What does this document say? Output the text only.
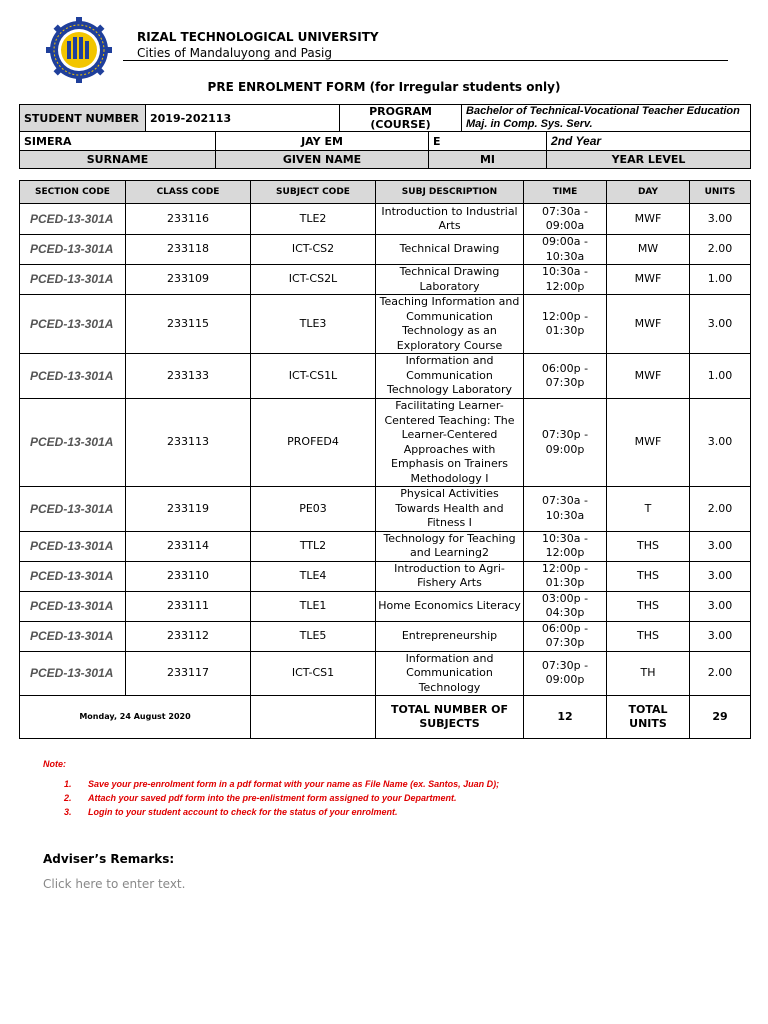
RIZAL TECHNOLOGICAL UNIVERSITY
Cities of Mandaluyong and Pasig
PRE ENROLMENT FORM (for Irregular students only)
STUDENT NUMBER	2019-202113		PROGRAM (COURSE)		Bachelor of Technical-Vocational Teacher Education Maj. in Comp. Sys. Serv.	
SIMERA		JAY EM		E		2nd Year
SURNAME		GIVEN NAME		MI		YEAR LEVEL
SECTION CODE	CLASS CODE	SUBJECT CODE	SUBJ DESCRIPTION	TIME	DAY	UNITS
PCED-13-301A	233116	TLE2	Introduction to Industrial Arts	07:30a - 09:00a	MWF	3.00
PCED-13-301A	233118	ICT-CS2	Technical Drawing	09:00a - 10:30a	MW	2.00
PCED-13-301A	233109	ICT-CS2L	Technical Drawing Laboratory	10:30a - 12:00p	MWF	1.00
PCED-13-301A	233115	TLE3	Teaching Information and Communication Technology as an Exploratory Course	12:00p - 01:30p	MWF	3.00
PCED-13-301A	233133	ICT-CS1L	Information and Communication Technology Laboratory	06:00p - 07:30p	MWF	1.00
PCED-13-301A	233113	PROFED4	Facilitating Learner-Centered Teaching: The Learner-Centered Approaches with Emphasis on Trainers Methodology I	07:30p - 09:00p	MWF	3.00
PCED-13-301A	233119	PE03	Physical Activities Towards Health and Fitness I	07:30a - 10:30a	T	2.00
PCED-13-301A	233114	TTL2	Technology for Teaching and Learning2	10:30a - 12:00p	THS	3.00
PCED-13-301A	233110	TLE4	Introduction to Agri-Fishery Arts	12:00p - 01:30p	THS	3.00
PCED-13-301A	233111	TLE1	Home Economics Literacy	03:00p - 04:30p	THS	3.00
PCED-13-301A	233112	TLE5	Entrepreneurship	06:00p - 07:30p	THS	3.00
PCED-13-301A	233117	ICT-CS1	Information and Communication Technology	07:30p - 09:00p	TH	2.00
Monday, 24 August 2020			TOTAL NUMBER OF SUBJECTS	12	TOTAL UNITS	29
Note:
1. Save your pre-enrolment form in a pdf format with your name as File Name (ex. Santos, Juan D);
2. Attach your saved pdf form into the pre-enlistment form assigned to your Department.
3. Login to your student account to check for the status of your enrolment.
Adviser’s Remarks:
Click here to enter text.
